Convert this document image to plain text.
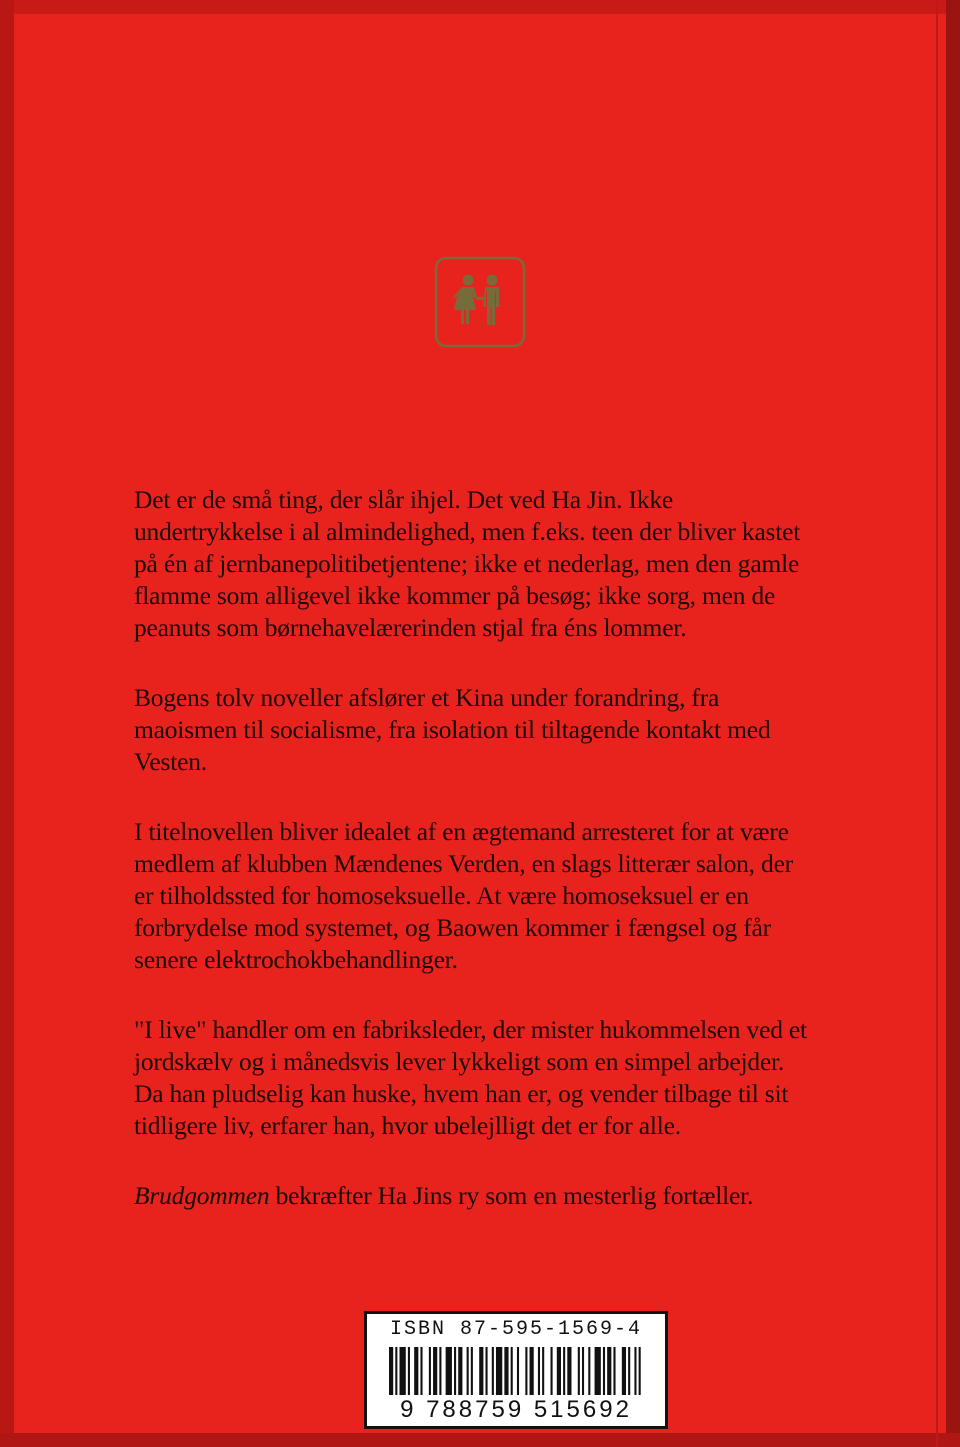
Det er de små ting, der slår ihjel. Det ved Ha Jin. Ikke undertrykkelse i al almindelighed, men f.eks. teen der bliver kastet på én af jernbanepolitibetjentene; ikke et nederlag, men den gamle flamme som alligevel ikke kommer på besøg; ikke sorg, men de peanuts som børnehavelærerinden stjal fra éns lommer.

Bogens tolv noveller afslører et Kina under forandring, fra maoismen til socialisme, fra isolation til tiltagende kontakt med Vesten.

I titelnovellen bliver idealet af en ægtemand arresteret for at være medlem af klubben Mændenes Verden, en slags litterær salon, der er tilholdssted for homoseksuelle. At være homoseksuel er en forbrydelse mod systemet, og Baowen kommer i fængsel og får senere elektrochokbehandlinger.

"I live" handler om en fabriksleder, der mister hukommelsen ved et jordskælv og i månedsvis lever lykkeligt som en simpel arbejder. Da han pludselig kan huske, hvem han er, og vender tilbage til sit tidligere liv, erfarer han, hvor ubelejlligt det er for alle.

Brudgommen bekræfter Ha Jins ry som en mesterlig fortæller.

ISBN 87-595-1569-4
9 788759 515692
